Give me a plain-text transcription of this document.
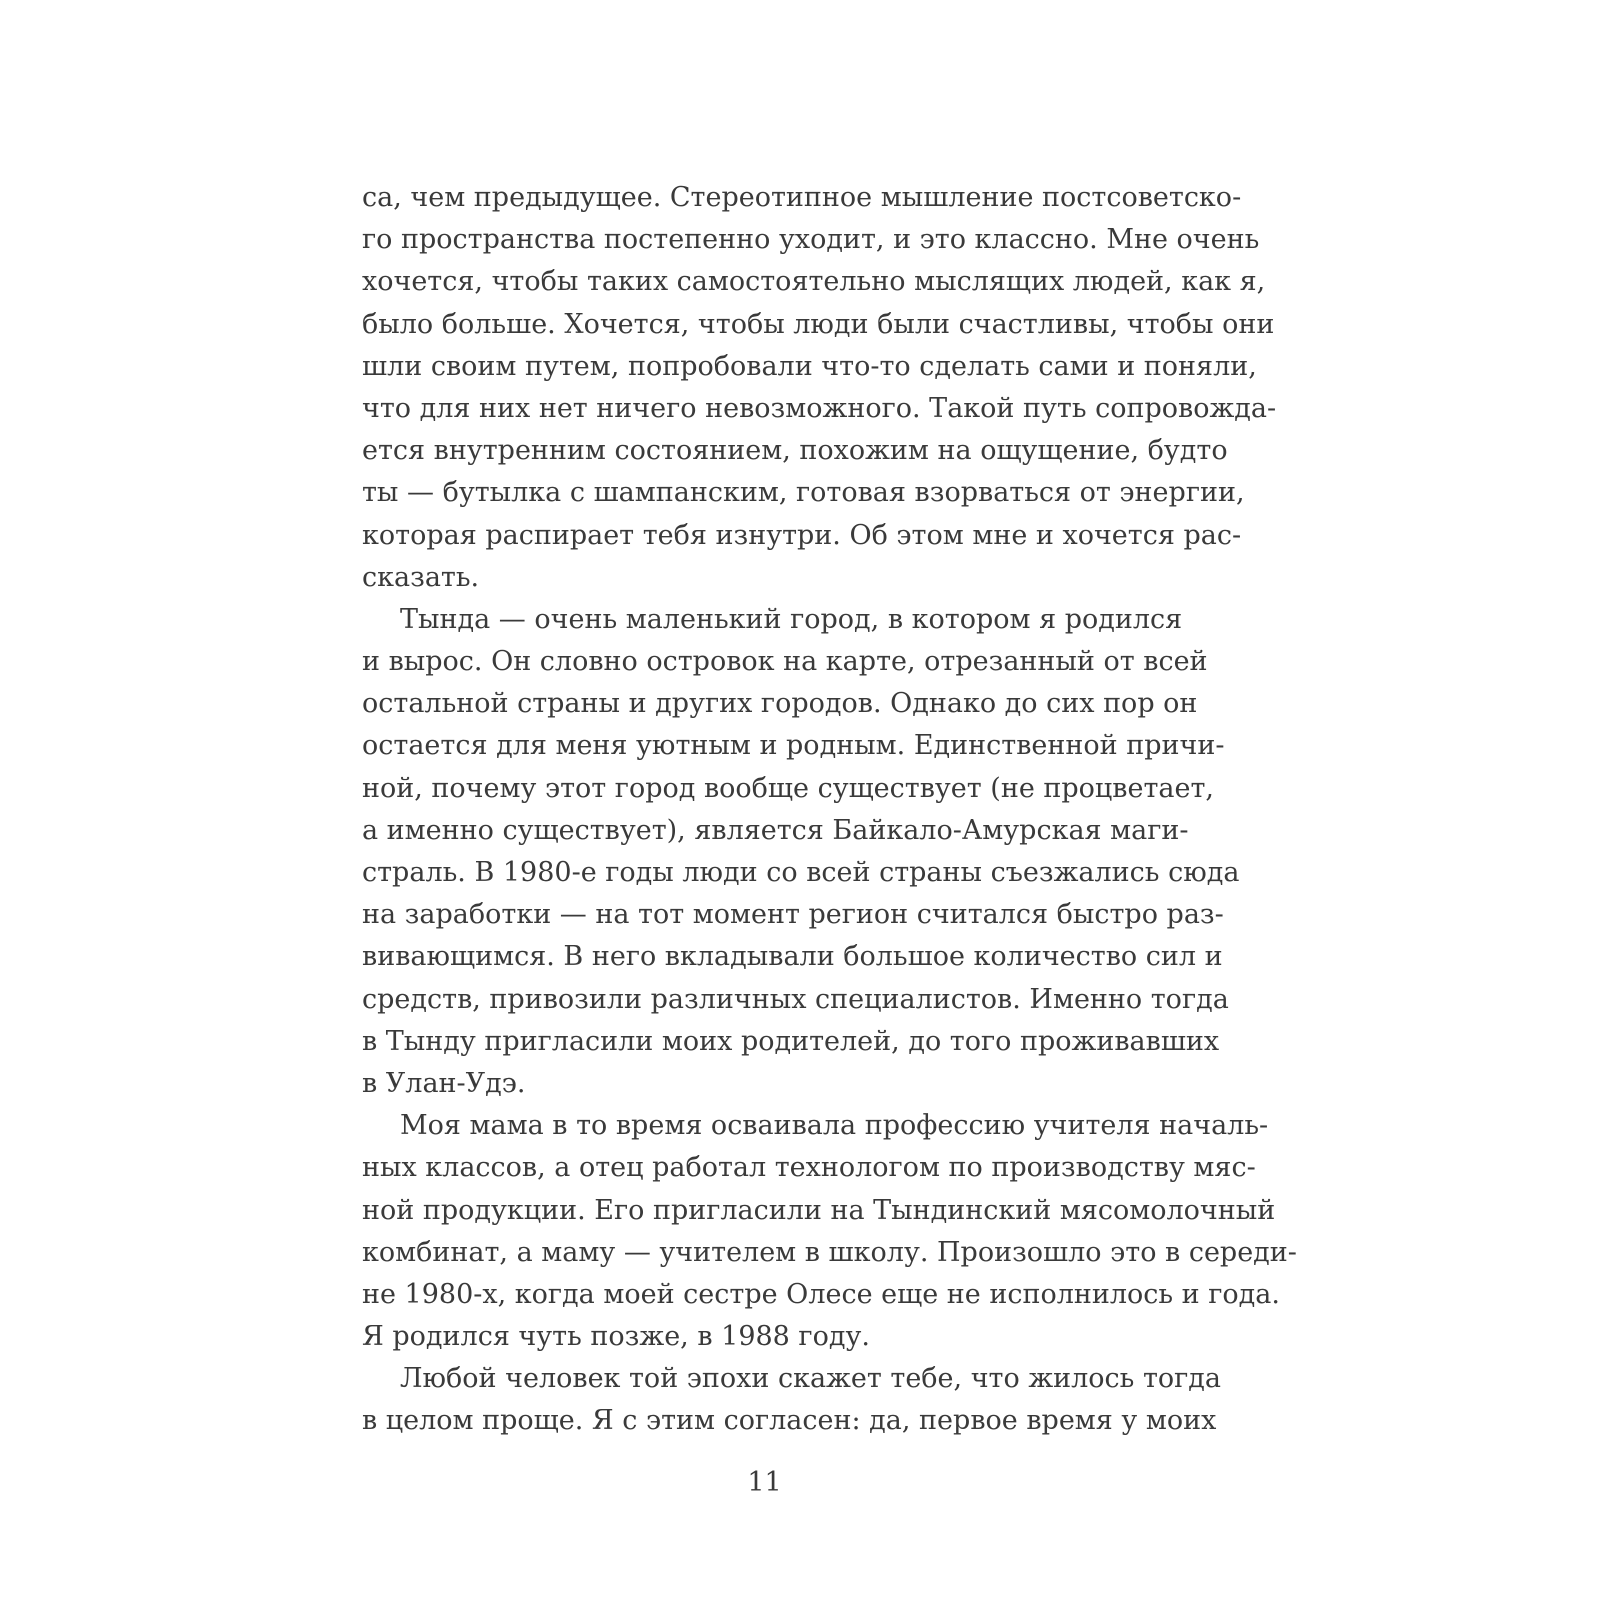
са, чем предыдущее. Стереотипное мышление постсоветско-
го пространства постепенно уходит, и это классно. Мне очень
хочется, чтобы таких самостоятельно мыслящих людей, как я,
было больше. Хочется, чтобы люди были счастливы, чтобы они
шли своим путем, попробовали что-то сделать сами и поняли,
что для них нет ничего невозможного. Такой путь сопровожда-
ется внутренним состоянием, похожим на ощущение, будто
ты — бутылка с шампанским, готовая взорваться от энергии,
которая распирает тебя изнутри. Об этом мне и хочется рас-
сказать.
Тында — очень маленький город, в котором я родился
и вырос. Он словно островок на карте, отрезанный от всей
остальной страны и других городов. Однако до сих пор он
остается для меня уютным и родным. Единственной причи-
ной, почему этот город вообще существует (не процветает,
а именно существует), является Байкало-Амурская маги-
страль. В 1980-е годы люди со всей страны съезжались сюда
на заработки — на тот момент регион считался быстро раз-
вивающимся. В него вкладывали большое количество сил и
средств, привозили различных специалистов. Именно тогда
в Тынду пригласили моих родителей, до того проживавших
в Улан-Удэ.
Моя мама в то время осваивала профессию учителя началь-
ных классов, а отец работал технологом по производству мяс-
ной продукции. Его пригласили на Тындинский мясомолочный
комбинат, а маму — учителем в школу. Произошло это в середи-
не 1980-х, когда моей сестре Олесе еще не исполнилось и года.
Я родился чуть позже, в 1988 году.
Любой человек той эпохи скажет тебе, что жилось тогда
в целом проще. Я с этим согласен: да, первое время у моих
11
